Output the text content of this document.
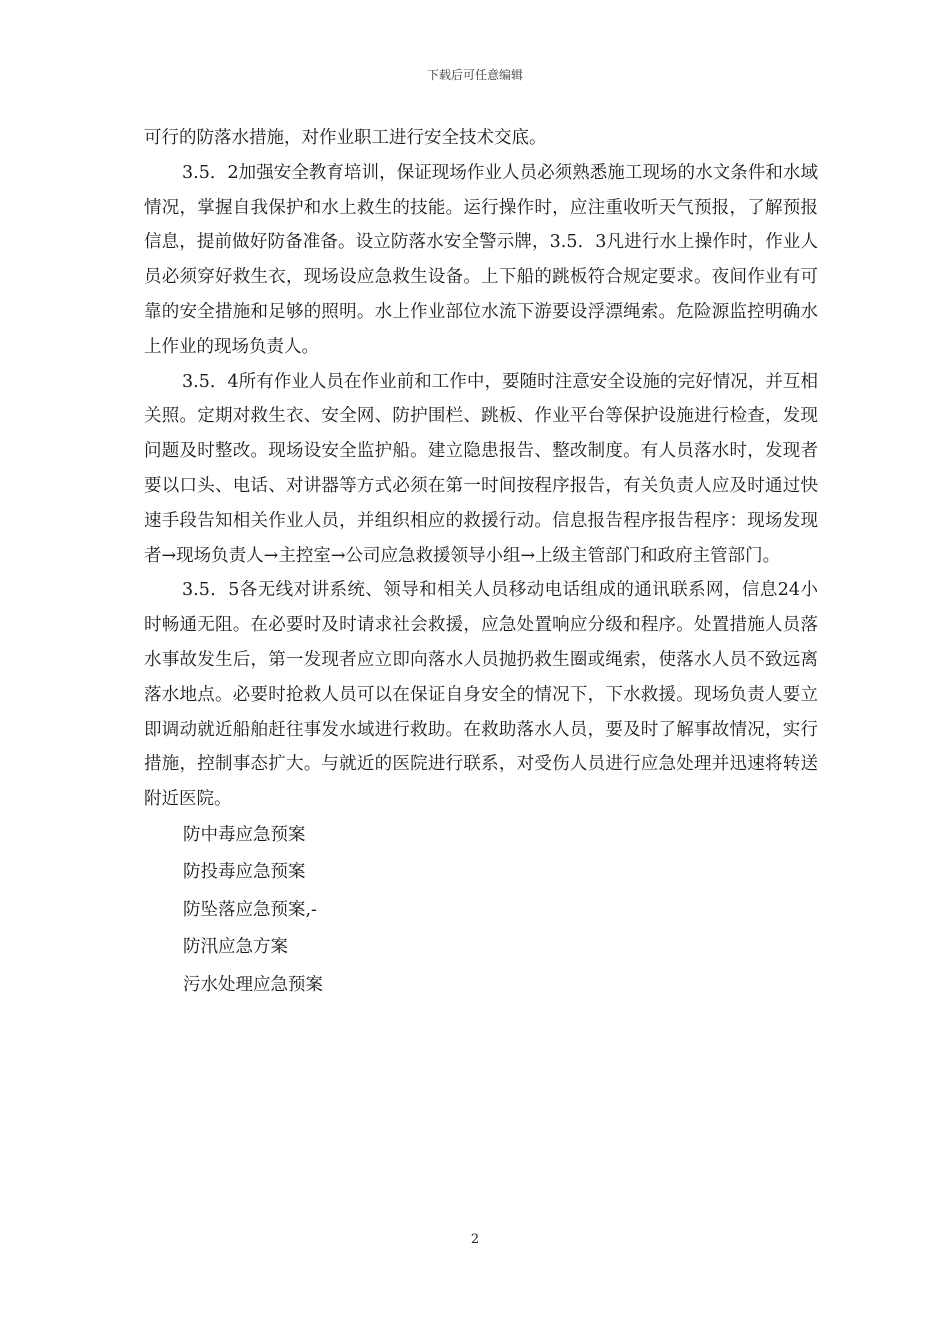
下载后可任意编辑

可行的防落水措施，对作业职工进行安全技术交底。

3.5．2加强安全教育培训，保证现场作业人员必须熟悉施工现场的水文条件和水域情况，掌握自我保护和水上救生的技能。运行操作时，应注重收听天气预报，了解预报信息，提前做好防备准备。设立防落水安全警示牌，3.5．3凡进行水上操作时，作业人员必须穿好救生衣，现场设应急救生设备。上下船的跳板符合规定要求。夜间作业有可靠的安全措施和足够的照明。水上作业部位水流下游要设浮漂绳索。危险源监控明确水上作业的现场负责人。

3.5．4所有作业人员在作业前和工作中，要随时注意安全设施的完好情况，并互相关照。定期对救生衣、安全网、防护围栏、跳板、作业平台等保护设施进行检查，发现问题及时整改。现场设安全监护船。建立隐患报告、整改制度。有人员落水时，发现者要以口头、电话、对讲器等方式必须在第一时间按程序报告，有关负责人应及时通过快速手段告知相关作业人员，并组织相应的救援行动。信息报告程序报告程序：现场发现者→现场负责人→主控室→公司应急救援领导小组→上级主管部门和政府主管部门。

3.5．5各无线对讲系统、领导和相关人员移动电话组成的通讯联系网，信息24小时畅通无阻。在必要时及时请求社会救援，应急处置响应分级和程序。处置措施人员落水事故发生后，第一发现者应立即向落水人员抛扔救生圈或绳索，使落水人员不致远离落水地点。必要时抢救人员可以在保证自身安全的情况下，下水救援。现场负责人要立即调动就近船舶赶往事发水域进行救助。在救助落水人员，要及时了解事故情况，实行措施，控制事态扩大。与就近的医院进行联系，对受伤人员进行应急处理并迅速将转送附近医院。

防中毒应急预案
防投毒应急预案
防坠落应急预案,-
防汛应急方案
污水处理应急预案
2
